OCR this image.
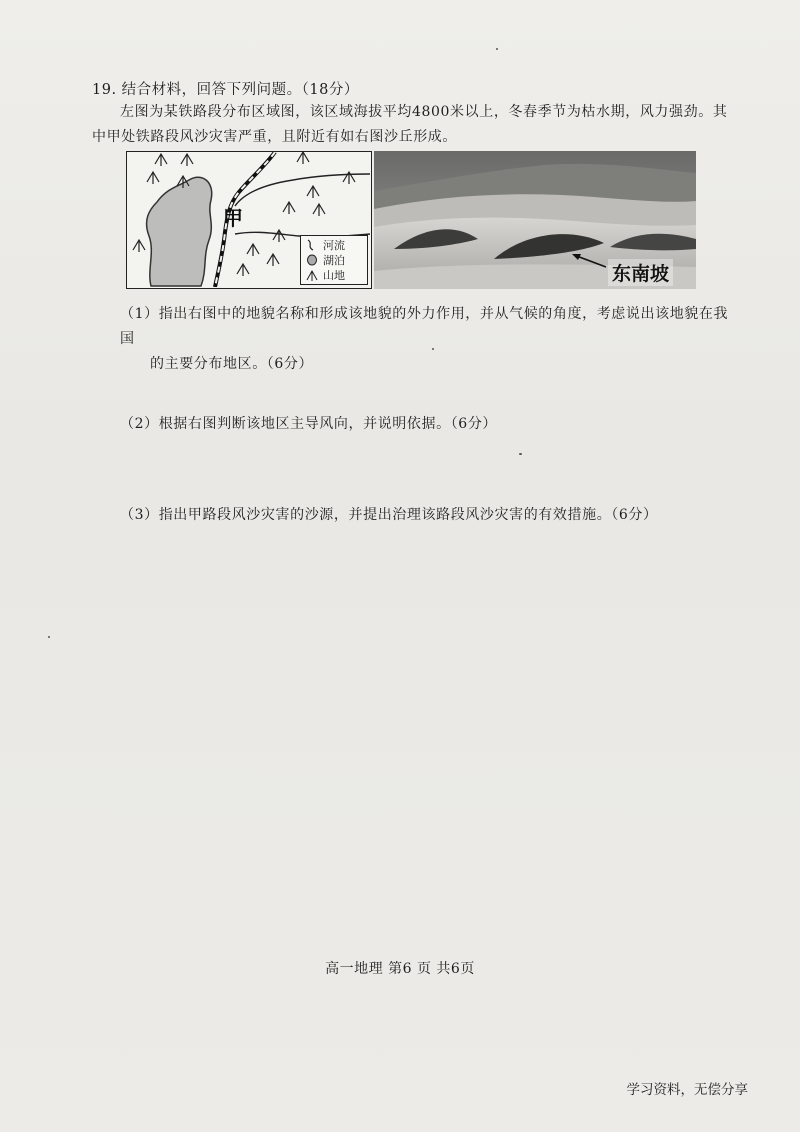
19. 结合材料，回答下列问题。（18分）
左图为某铁路段分布区域图，该区域海拔平均4800米以上，冬春季节为枯水期，风力强劲。其中甲处铁路段风沙灾害严重，且附近有如右图沙丘形成。
甲
河流
湖泊
山地	东南坡
（1）指出右图中的地貌名称和形成该地貌的外力作用，并从气候的角度，考虑说出该地貌在我国
的主要分布地区。（6分）
（2）根据右图判断该地区主导风向，并说明依据。（6分）
（3）指出甲路段风沙灾害的沙源，并提出治理该路段风沙灾害的有效措施。（6分）
高一地理 第6 页 共6页
学习资料，无偿分享
